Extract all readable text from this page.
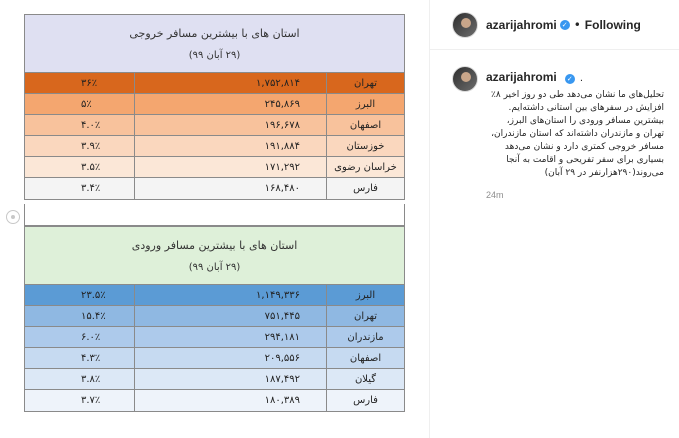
استان های با بیشترین مسافر خروجی
(۲۹ آبان ۹۹)
۳۶٪	۱,۷۵۲,۸۱۴	تهران
۵٪	۲۴۵,۸۶۹	البرز
۴.۰٪	۱۹۶,۶۷۸	اصفهان
۳.۹٪	۱۹۱,۸۸۴	خوزستان
۳.۵٪	۱۷۱,۲۹۲	خراسان رضوی
۳.۴٪	۱۶۸,۴۸۰	فارس
استان های با بیشترین مسافر ورودی
(۲۹ آبان ۹۹)
۲۳.۵٪	۱,۱۴۹,۳۳۶	البرز
۱۵.۴٪	۷۵۱,۴۴۵	تهران
۶.۰٪	۲۹۴,۱۸۱	مازندران
۴.۳٪	۲۰۹,۵۵۶	اصفهان
۳.۸٪	۱۸۷,۴۹۲	گیلان
۳.۷٪	۱۸۰,۳۸۹	فارس
azarijahromi ✓ • Following
azarijahromi ✓ .
تحلیل‌های ما نشان می‌دهد طی دو روز اخیر ۸٪ افزایش در سفرهای بین استانی داشته‌ایم. بیشترین مسافر ورودی را استان‌های البرز، تهران و مازندران داشته‌اند که استان مازندران، مسافر خروجی کمتری دارد و نشان می‌دهد بسیاری برای سفر تفریحی و اقامت به آنجا می‌روند(۲۹۰هزارنفر در ۲۹ آبان)
24m
